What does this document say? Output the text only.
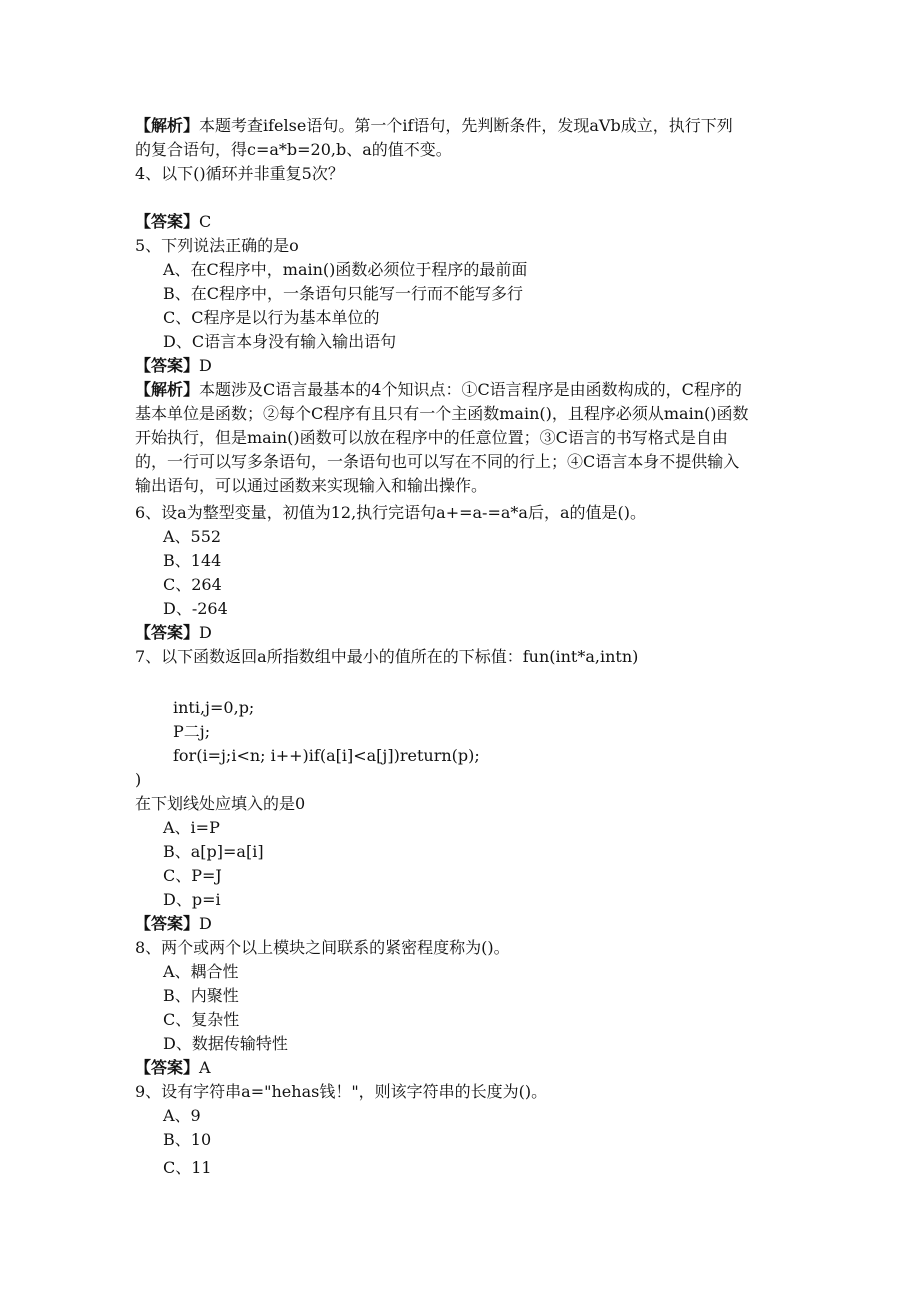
【解析】本题考查ifelse语句。第一个if语句，先判断条件，发现aVb成立，执行下列
的复合语句，得c=a*b=20,b、a的值不变。
4、以下()循环并非重复5次？
【答案】C
5、下列说法正确的是o
A、在C程序中，main()函数必须位于程序的最前面
B、在C程序中，一条语句只能写一行而不能写多行
C、C程序是以行为基本单位的
D、C语言本身没有输入输出语句
【答案】D
【解析】本题涉及C语言最基本的4个知识点：①C语言程序是由函数构成的，C程序的
基本单位是函数；②每个C程序有且只有一个主函数main()，且程序必须从main()函数
开始执行，但是main()函数可以放在程序中的任意位置；③C语言的书写格式是自由
的，一行可以写多条语句，一条语句也可以写在不同的行上；④C语言本身不提供输入
输出语句，可以通过函数来实现输入和输出操作。
6、设a为整型变量，初值为12,执行完语句a+=a-=a*a后，a的值是()。
A、552
B、144
C、264
D、-264
【答案】D
7、以下函数返回a所指数组中最小的值所在的下标值：fun(int*a,intn)
inti,j=0,p;
P二j;
for(i=j;i<n; i++)if(a[i]<a[j])return(p);
)
在下划线处应填入的是0
A、i=P
B、a[p]=a[i]
C、P=J
D、p=i
【答案】D
8、两个或两个以上模块之间联系的紧密程度称为()。
A、耦合性
B、内聚性
C、复杂性
D、数据传输特性
【答案】A
9、设有字符串a="hehas钱！"，则该字符串的长度为()。
A、9
B、10
C、11
